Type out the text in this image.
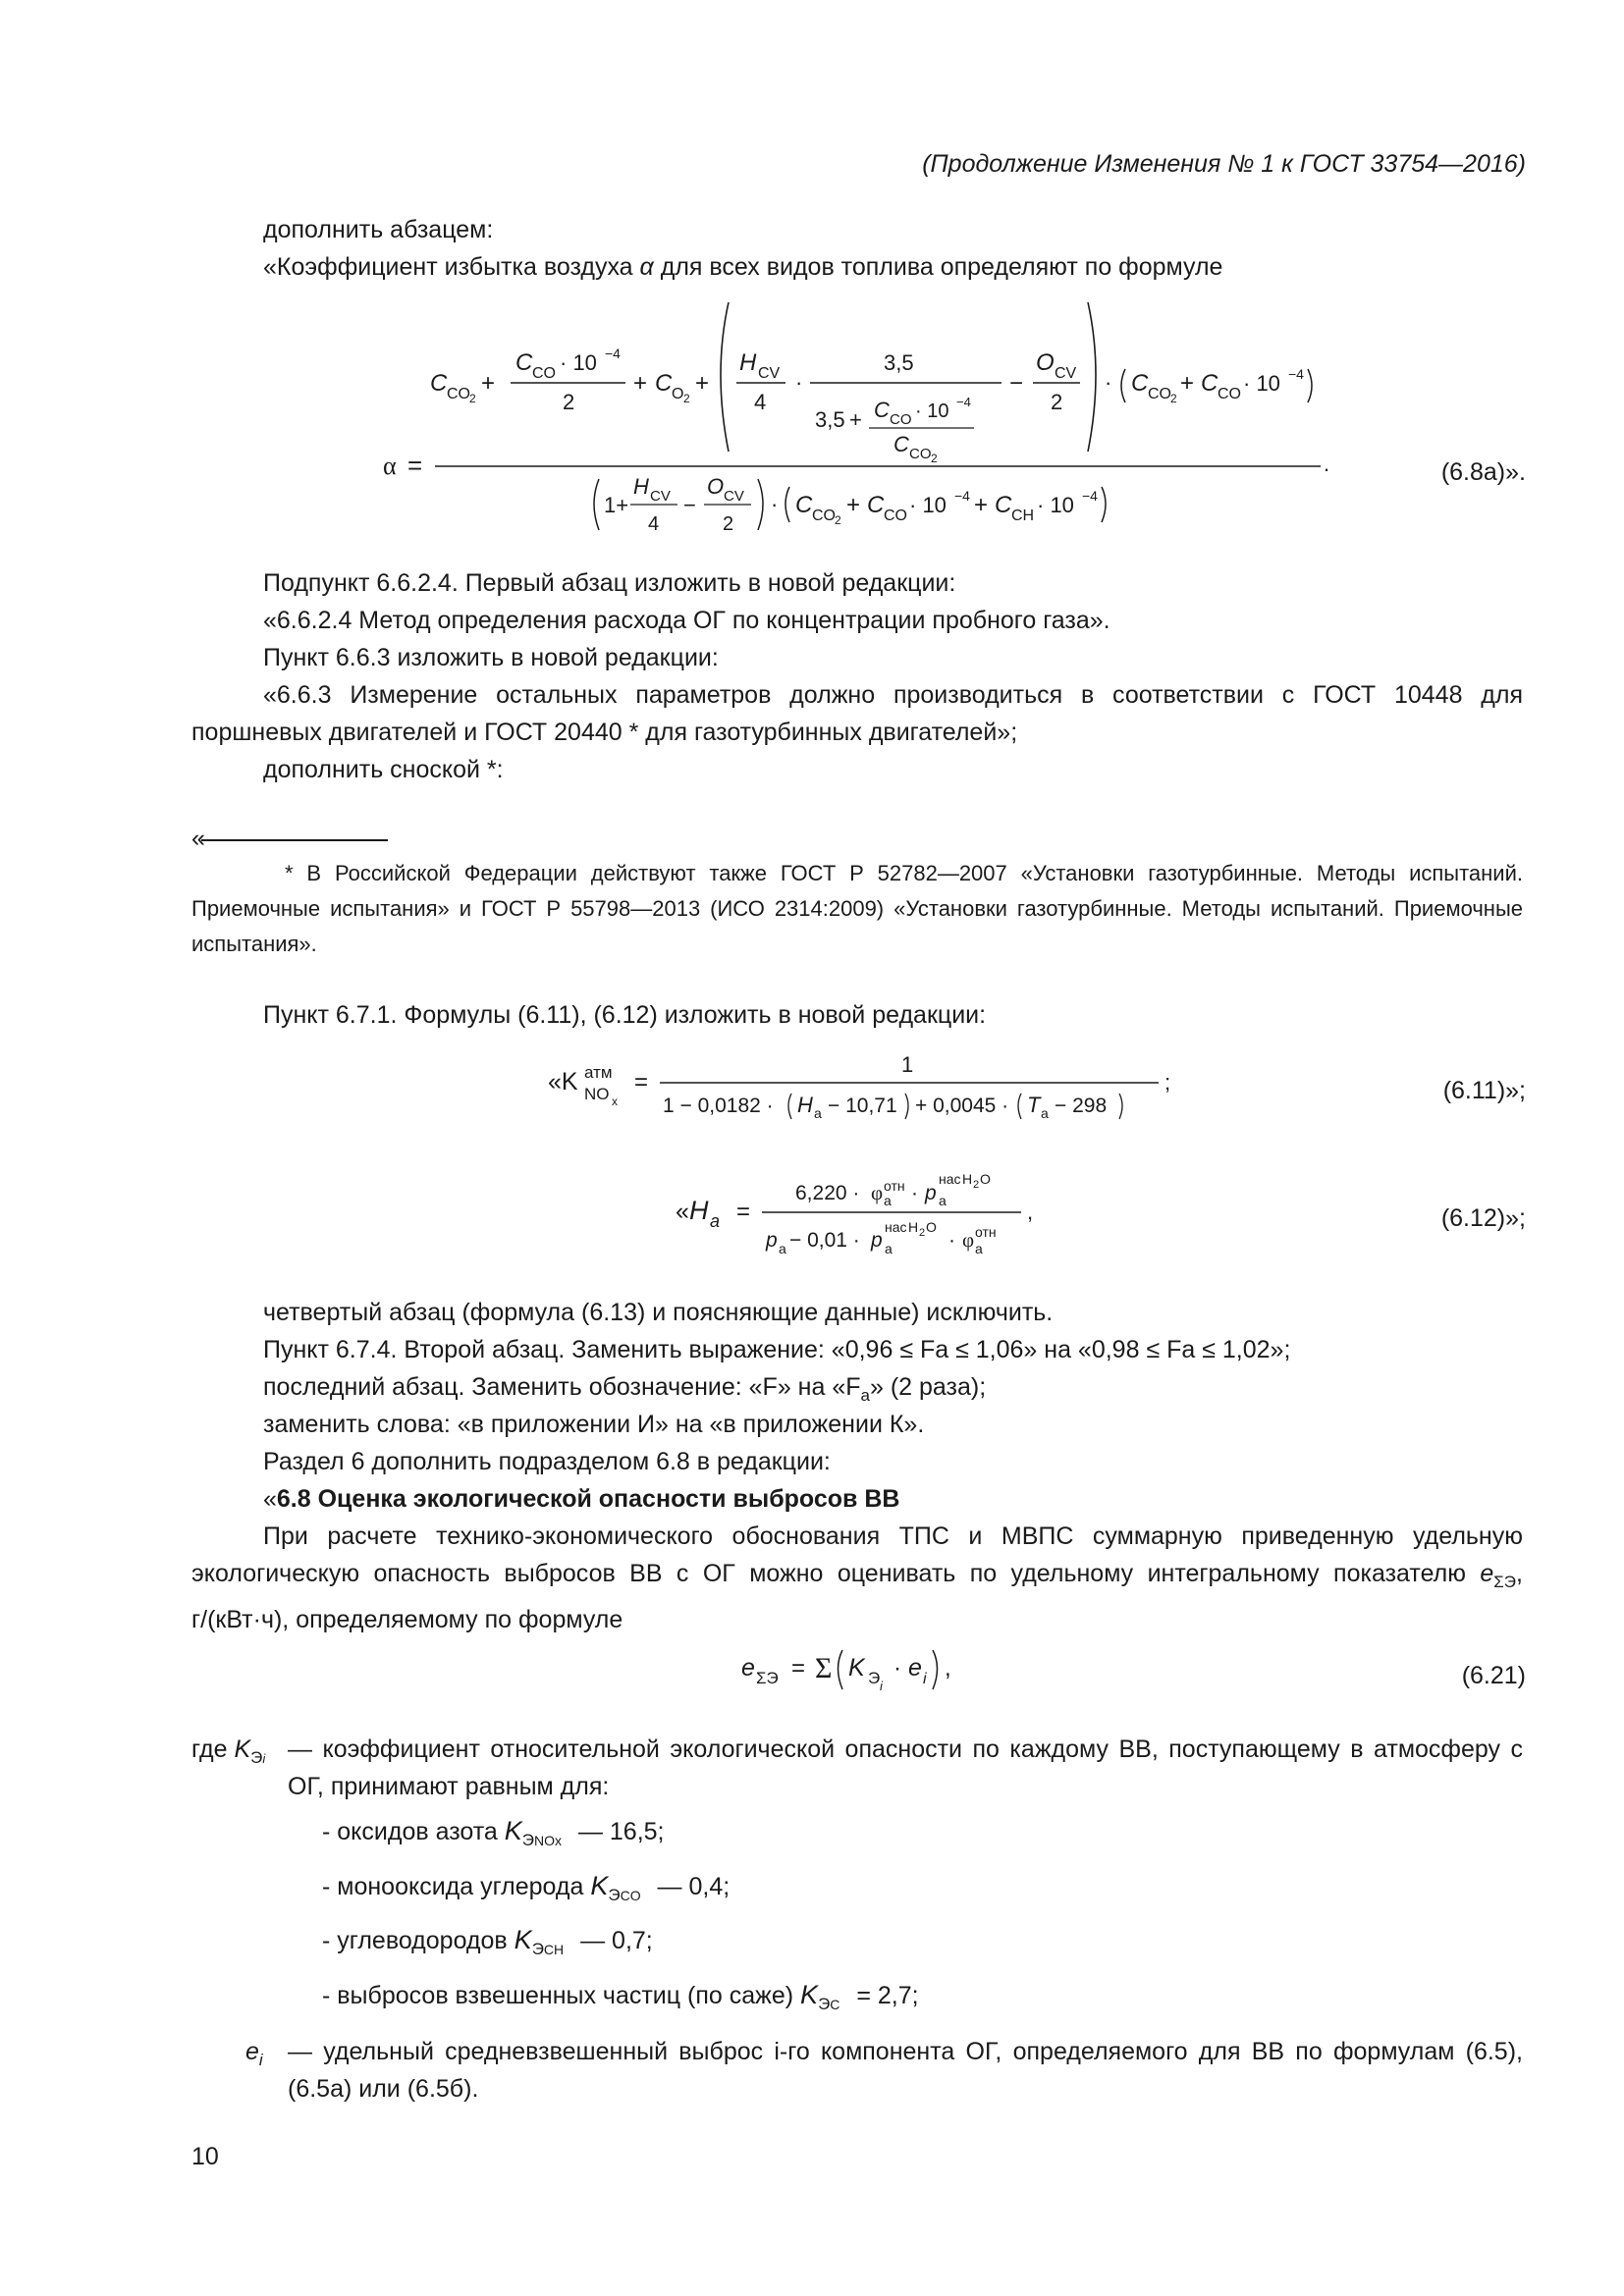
(Продолжение Изменения № 1 к ГОСТ 33754—2016)
дополнить абзацем:
«Коэффициент избытка воздуха α для всех видов топлива определяют по формуле
α =	.
C CO 2
+
C CO · 10 −4
2
+ C O 2
+
H CV
4
·
3,5
3,5 + C CO · 10 −4
C CO 2
−
O CV
2
· C CO 2
+ C CO · 10 −4
1+
H CV
4
−
O CV
2
· C CO 2
+ C CO · 10 −4 + C CH · 10 −4
(6.8а)».
Подпункт 6.6.2.4. Первый абзац изложить в новой редакции:
«6.6.2.4 Метод определения расхода ОГ по концентрации пробного газа».
Пункт 6.6.3 изложить в новой редакции:
«6.6.3 Измерение остальных параметров должно производиться в соответствии с ГОСТ 10448 для поршневых двигателей и ГОСТ 20440 * для газотурбинных двигателей»;
дополнить сноской *:
«
* В Российской Федерации действуют также ГОСТ Р 52782—2007 «Установки газотурбинные. Методы испытаний. Приемочные испытания» и ГОСТ Р 55798—2013 (ИСО 2314:2009) «Установки газотурбинные. Методы испытаний. Приемочные испытания».
Пункт 6.7.1. Формулы (6.11), (6.12) изложить в новой редакции:
«K атм
NO x
=
1
1 − 0,0182 · H a − 10,71 + 0,0045 · T a − 298
;	(6.11)»;
« H a =
6,220 · φ отн
a · p
нас
a
H 2 O
p a − 0,01 · p
нас
a
H 2 O
· φ отн
a
,	(6.12)»;
четвертый абзац (формула (6.13) и поясняющие данные) исключить.
Пункт 6.7.4. Второй абзац. Заменить выражение: «0,96 ≤ Fa ≤ 1,06» на «0,98 ≤ Fa ≤ 1,02»;
последний абзац. Заменить обозначение: «F» на «$F_a$» (2 раза);
заменить слова: «в приложении И» на «в приложении К».
Раздел 6 дополнить подразделом 6.8 в редакции:
«6.8 Оценка экологической опасности выбросов ВВ
При расчете технико-экономического обоснования ТПС и МВПС суммарную приведенную удельную экологическую опасность выбросов ВВ с ОГ можно оценивать по удельному интегральному показателю $e_{\Sigma Э}$, г/(кВт·ч), определяемому по формуле
e ΣЭ = Σ K Э i
· e i ,	(6.21)
где $K_{Эi}$ — коэффициент относительной экологической опасности по каждому ВВ, поступающему в атмосферу с ОГ, принимают равным для:
- оксидов азота $K_{ЭNOx}$ — 16,5;
- монооксида углерода $K_{ЭCO}$ — 0,4;
- углеводородов $K_{ЭCH}$ — 0,7;
- выбросов взвешенных частиц (по саже) $K_{ЭC} = 2,7$;
$e_i$ — удельный средневзвешенный выброс i-го компонента ОГ, определяемого для ВВ по формулам (6.5), (6.5а) или (6.5б).
10
